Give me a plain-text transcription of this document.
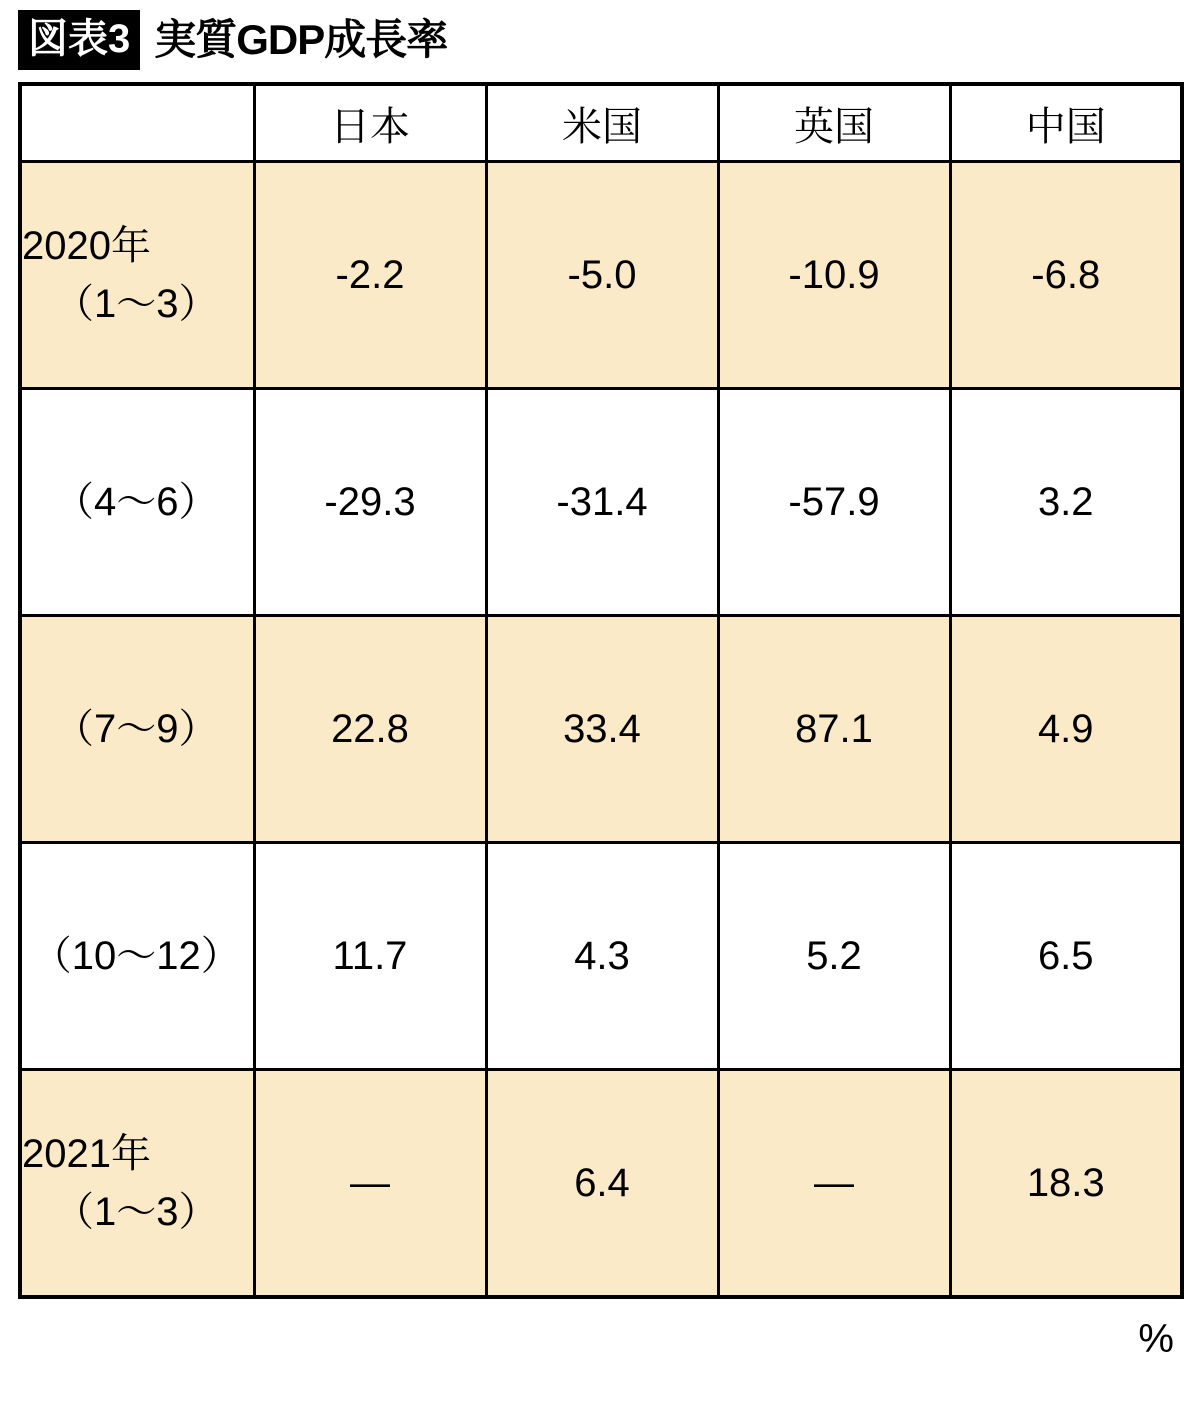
図表3 実質GDP成長率
	日本	米国	英国	中国

2020年
（1〜3）	-2.2	-5.0	-10.9	-6.8

（4〜6）	-29.3	-31.4	-57.9	3.2

（7〜9）	22.8	33.4	87.1	4.9

（10〜12）	11.7	4.3	5.2	6.5

2021年
（1〜3）	―	6.4	―	18.3
%
